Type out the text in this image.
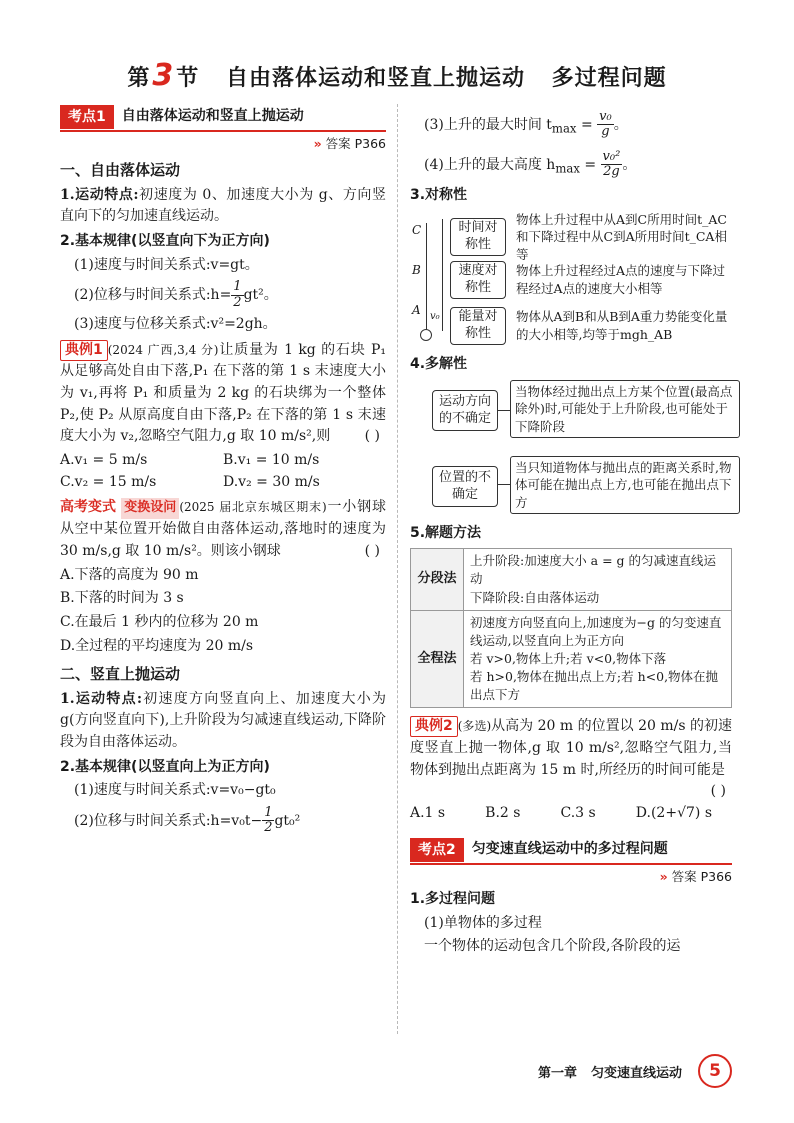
第3节 自由落体运动和竖直上抛运动 多过程问题
考点1	自由落体运动和竖直上抛运动
» 答案 P366
一、自由落体运动
1.运动特点:初速度为 0、加速度大小为 g、方向竖直向下的匀加速直线运动。
2.基本规律(以竖直向下为正方向)
(1)速度与时间关系式:v=gt。
(2)位移与时间关系式:h= $\frac{1}{2} gt^2$。
(3)速度与位移关系式:v²=2gh。
典例1 (2024 广西,3,4 分)让质量为 1 kg 的石块 P₁ 从足够高处自由下落,P₁ 在下落的第 1 s 末速度大小为 v₁,再将 P₁ 和质量为 2 kg 的石块绑为一个整体 P₂,使 P₂ 从原高度自由下落,P₂ 在下落的第 1 s 末速度大小为 v₂,忽略空气阻力,g 取 10 m/s²,则 ( )
A.v₁ = 5 m/s	B.v₁ = 10 m/s
C.v₂ = 15 m/s	D.v₂ = 30 m/s
高考变式 变换设问 (2025 届北京东城区期末)一小钢球从空中某位置开始做自由落体运动,落地时的速度为 30 m/s,g 取 10 m/s²。则该小钢球	( )
A.下落的高度为 90 m
B.下落的时间为 3 s
C.在最后 1 秒内的位移为 20 m
D.全过程的平均速度为 20 m/s
二、竖直上抛运动
1.运动特点:初速度方向竖直向上、加速度大小为 g(方向竖直向下),上升阶段为匀减速直线运动,下降阶段为自由落体运动。
2.基本规律(以竖直向上为正方向)
(1)速度与时间关系式:v=v₀−gt₀
(2)位移与时间关系式:h=v₀t− $\frac{1}{2} gt_0^2$
(3)上升的最大时间 $t_{max} = \frac{\text{v₀}}{g}$ 。
(4)上升的最大高度 $h_{max} = \frac{\text{v₀²}}{2g}$ 。
3.对称性
C
B
A v₀
时间对称性
物体上升过程中从A到C所用时间t_AC和下降过程中从C到A所用时间t_CA相等
速度对称性
物体上升过程经过A点的速度与下降过程经过A点的速度大小相等
能量对称性
物体从A到B和从B到A重力势能变化量的大小相等,均等于mgh_AB
4.多解性
运动方向的不确定
当物体经过抛出点上方某个位置(最高点除外)时,可能处于上升阶段,也可能处于下降阶段
位置的不确定
当只知道物体与抛出点的距离关系时,物体可能在抛出点上方,也可能在抛出点下方
5.解题方法
分段法	上升阶段:加速度大小 a = g 的匀减速直线运动
下降阶段:自由落体运动

全程法	初速度方向竖直向上,加速度为−g 的匀变速直线运动,以竖直向上为正方向
若 v>0,物体上升;若 v<0,物体下落
若 h>0,物体在抛出点上方;若 h<0,物体在抛出点下方
典例2 (多选)从高为 20 m 的位置以 20 m/s 的初速度竖直上抛一物体,g 取 10 m/s²,忽略空气阻力,当物体到抛出点距离为 15 m 时,所经历的时间可能是
( )
A.1 s	B.2 s	C.3 s	D.(2+√7) s
考点2	匀变速直线运动中的多过程问题
» 答案 P366
1.多过程问题
(1)单物体的多过程
一个物体的运动包含几个阶段,各阶段的运
第一章 匀变速直线运动	5
